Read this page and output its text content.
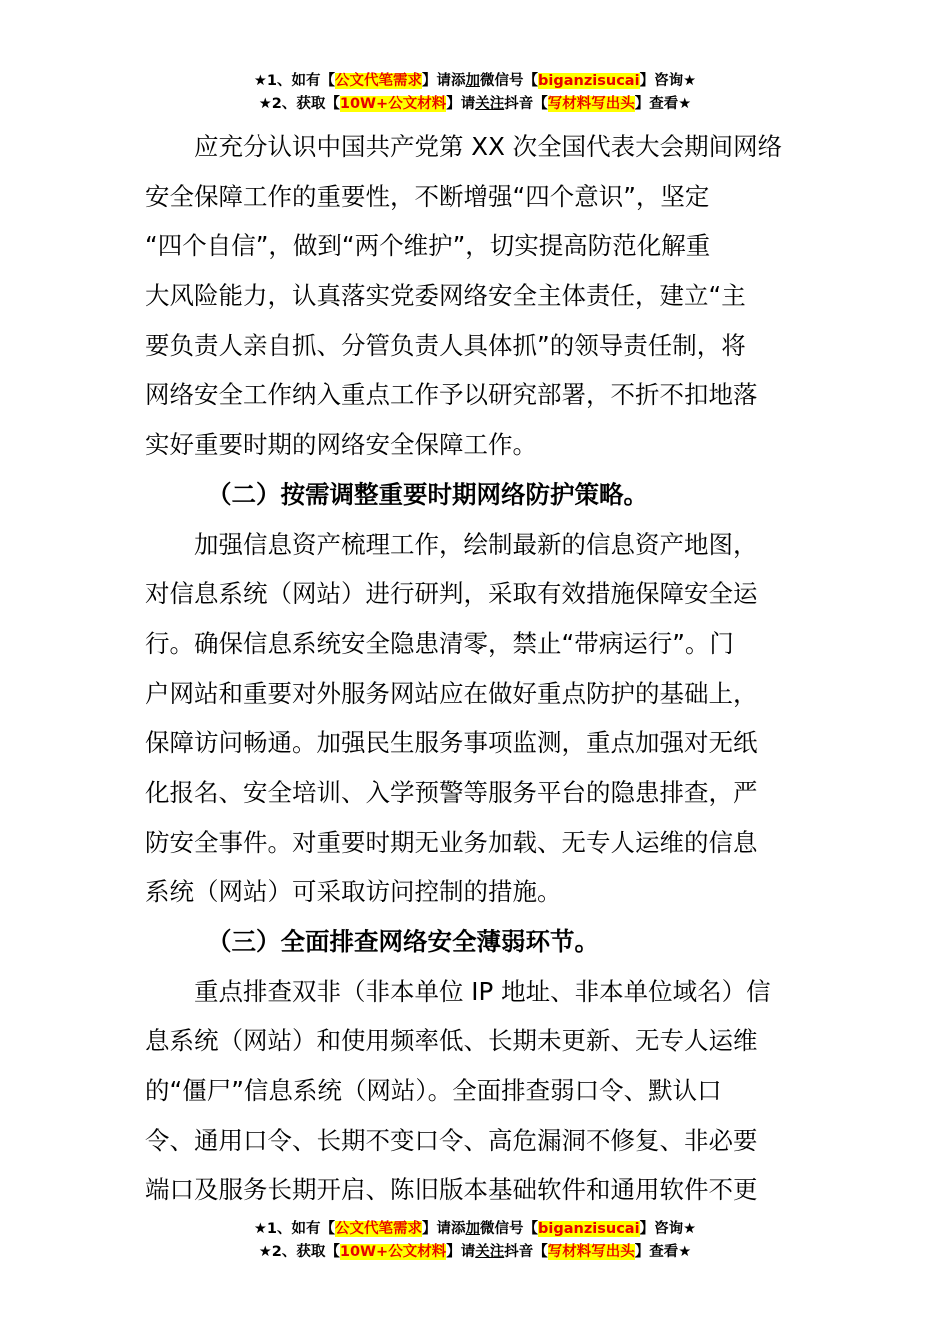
★1、如有【公文代笔需求】请添加微信号【biganzisucai】咨询★
★2、获取【10W+公文材料】请关注抖音【写材料写出头】查看★
应充分认识中国共产党第 XX 次全国代表大会期间网络
安全保障工作的重要性，不断增强“四个意识”，坚定
“四个自信”，做到“两个维护”，切实提高防范化解重
大风险能力，认真落实党委网络安全主体责任，建立“主
要负责人亲自抓、分管负责人具体抓”的领导责任制，将
网络安全工作纳入重点工作予以研究部署，不折不扣地落
实好重要时期的网络安全保障工作。
（二）按需调整重要时期网络防护策略。
加强信息资产梳理工作，绘制最新的信息资产地图，
对信息系统（网站）进行研判，采取有效措施保障安全运
行。确保信息系统安全隐患清零，禁止“带病运行”。门
户网站和重要对外服务网站应在做好重点防护的基础上，
保障访问畅通。加强民生服务事项监测，重点加强对无纸
化报名、安全培训、入学预警等服务平台的隐患排查，严
防安全事件。对重要时期无业务加载、无专人运维的信息
系统（网站）可采取访问控制的措施。
（三）全面排查网络安全薄弱环节。
重点排查双非（非本单位 IP 地址、非本单位域名）信
息系统（网站）和使用频率低、长期未更新、无专人运维
的“僵尸”信息系统（网站）。全面排查弱口令、默认口
令、通用口令、长期不变口令、高危漏洞不修复、非必要
端口及服务长期开启、陈旧版本基础软件和通用软件不更
★1、如有【公文代笔需求】请添加微信号【biganzisucai】咨询★
★2、获取【10W+公文材料】请关注抖音【写材料写出头】查看★
